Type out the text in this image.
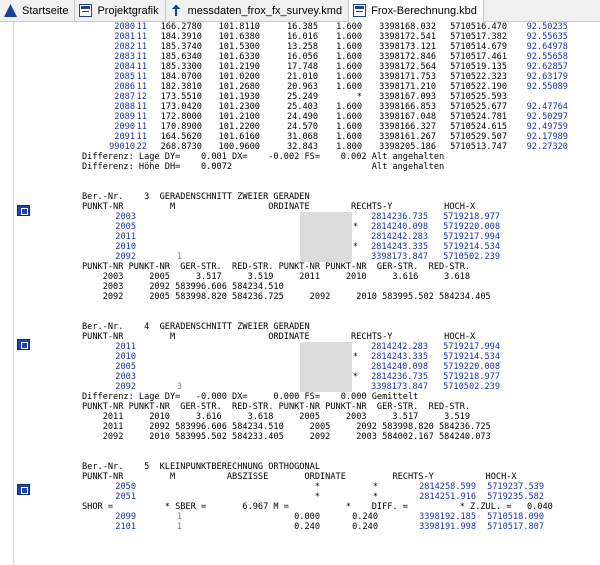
Startseite	Projektgrafik	messdaten_frox_fx_survey.kmd	Frox-Berechnung.kbd
2080 11 166.2780 101.8110	16.385 1.600 3398168.032 5710516.470 92.50235
2081 11 184.3910 101.6380	16.016 1.600 3398172.541 5710517.382 92.55635
2082 11 185.3740 101.5300	13.258 1.600 3398173.121 5710514.679 92.64978
2083 11 185.6340 101.6330	16.056 1.600 3398172.846 5710517.461 92.55658
2084 11 185.3300 101.2190	17.748 1.600 3398172.564 5710519.135 92.62857
2085 11 184.0700 101.0200	21.010 1.600 3398171.753 5710522.323 92.63179
2086 11 182.3810 101.2680	20.963 1.600 3398171.210 5710522.190 92.55089
2087 12 173.5510 101.1930	25.249	* 3398167.093 5710525.593
2088 11 173.0420 101.2300	25.403 1.600 3398166.853 5710525.677 92.47764
2089 11 172.8000 101.2100	24.490 1.600 3398167.048 5710524.781 92.50297
2090 11 170.8900 101.2200	24.570 1.600 3398166.327 5710524.615 92.49759
2091 11 164.5620 101.6160	31.068 1.600 3398161.267 5710529.507 92.17989
99010 22 268.8730 100.9600	32.843 1.800 3398205.186 5710513.747 92.27320
Differenz: Lage DY=    0.001 DX=    -0.002 FS=    0.002 Alt angehalten
Differenz: Höhe DH=    0.0072                           Alt angehalten
Ber.-Nr.    3  GERADENSCHNITT ZWEIER GERADEN
PUNKT-NR         M                  ORDINATE        RECHTS-Y          HOCH-X
2003	2814236.735 5719218.977
2005	* 2814240.098 5719220.008
2011	2814242.283 5719217.994
2010	* 2814243.335 5719214.534
2092	1	3398173.847 5710502.239
PUNKT-NR PUNKT-NR  GER-STR.  RED-STR. PUNKT-NR PUNKT-NR  GER-STR.  RED-STR.
2003     2005     3.517     3.519     2011     2010     3.616     3.618
2003     2092 583996.606 584234.510
2092     2005 583998.820 584236.725     2092     2010 583995.502 584234.405
Ber.-Nr.    4  GERADENSCHNITT ZWEIER GERADEN
PUNKT-NR         M                  ORDINATE        RECHTS-Y          HOCH-X
2011	2814242.283 5719217.994
2010	* 2814243.335 5719214.534
2005	2814240.098 5719220.008
2003	* 2814236.735 5719218.977
2092	3	3398173.847 5710502.239
Differenz: Lage DY=   -0.000 DX=     0.000 FS=    0.000 Gemittelt
PUNKT-NR PUNKT-NR  GER-STR.  RED-STR. PUNKT-NR PUNKT-NR  GER-STR.  RED-STR.
2011     2010     3.616     3.618     2005     2003     3.517     3.519
2011     2092 583996.606 584234.510     2005     2092 583998.820 584236.725
2092     2010 583995.502 584233.405     2092     2003 584002.167 584240.073
Ber.-Nr.    5  KLEINPUNKTBERECHNUNG ORTHOGONAL
PUNKT-NR         M          ABSZISSE       ORDINATE         RECHTS-Y          HOCH-X
2050	*	*	2814258.599 5719237.539
2051	*	*	2814251.916 5719235.582
SHOR =          * SBER =       6.967 M =           *    DIFF. =          * Z.ZUL. =   0.040
2099	1	0.000	0.240	3398192.185 5710518.090
2101	1	0.240	0.240	3398191.998 5710517.807
